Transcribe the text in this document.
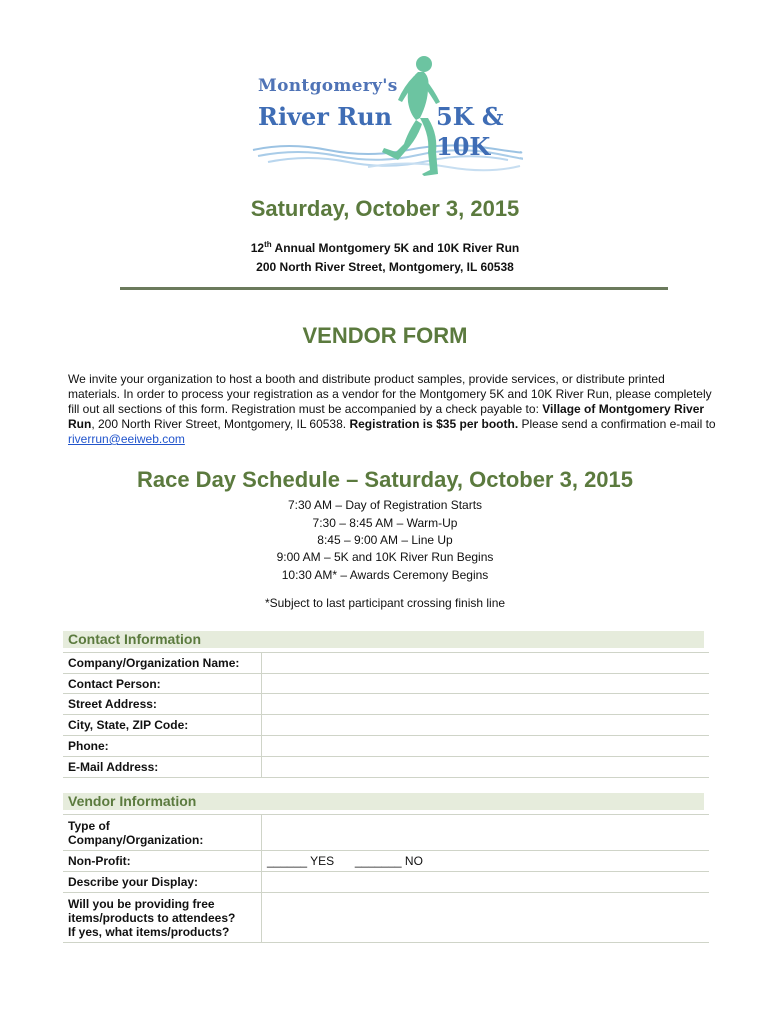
Montgomery's
River Run 5K &
10K
Saturday, October 3, 2015
12th Annual Montgomery 5K and 10K River Run
200 North River Street, Montgomery, IL 60538
VENDOR FORM
We invite your organization to host a booth and distribute product samples, provide services, or distribute printed materials. In order to process your registration as a vendor for the Montgomery 5K and 10K River Run, please completely fill out all sections of this form. Registration must be accompanied by a check payable to: Village of Montgomery River Run, 200 North River Street, Montgomery, IL 60538. Registration is $35 per booth. Please send a confirmation e-mail to riverrun@eeiweb.com
Race Day Schedule – Saturday, October 3, 2015
7:30 AM – Day of Registration Starts
7:30 – 8:45 AM – Warm-Up
8:45 – 9:00 AM – Line Up
9:00 AM – 5K and 10K River Run Begins
10:30 AM* – Awards Ceremony Begins
*Subject to last participant crossing finish line
Contact Information
Company/Organization Name:	
Contact Person:	
Street Address:	
City, State, ZIP Code:	
Phone:	
E-Mail Address:	
Vendor Information
Type of
Company/Organization:	

Non-Profit:	______ YES _______ NO
Describe your Display:	

Will you be providing free
items/products to attendees?
If yes, what items/products?	
